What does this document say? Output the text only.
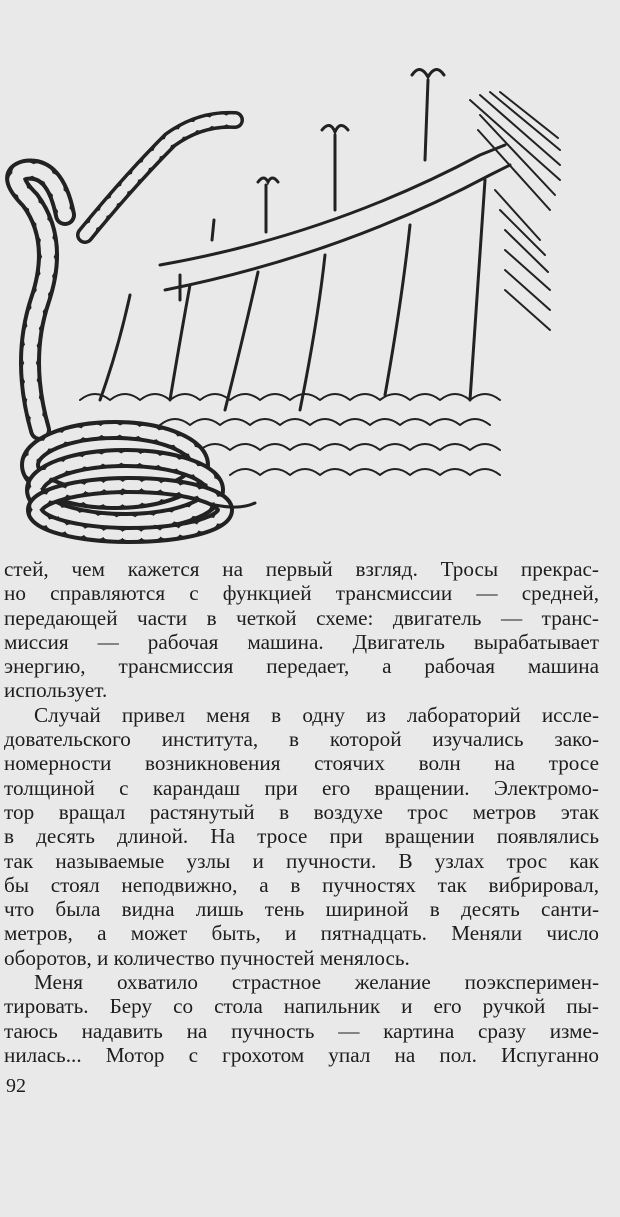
стей, чем кажется на первый взгляд. Тросы прекрас-
но справляются с функцией трансмиссии — средней,
передающей части в четкой схеме: двигатель — транс-
миссия — рабочая машина. Двигатель вырабатывает
энергию, трансмиссия передает, а рабочая машина
использует.
Случай привел меня в одну из лабораторий иссле-
довательского института, в которой изучались зако-
номерности возникновения стоячих волн на тросе
толщиной с карандаш при его вращении. Электромо-
тор вращал растянутый в воздухе трос метров этак
в десять длиной. На тросе при вращении появлялись
так называемые узлы и пучности. В узлах трос как
бы стоял неподвижно, а в пучностях так вибрировал,
что была видна лишь тень шириной в десять санти-
метров, а может быть, и пятнадцать. Меняли число
оборотов, и количество пучностей менялось.
Меня охватило страстное желание поэксперимен-
тировать. Беру со стола напильник и его ручкой пы-
таюсь надавить на пучность — картина сразу изме-
нилась... Мотор с грохотом упал на пол. Испуганно
92
